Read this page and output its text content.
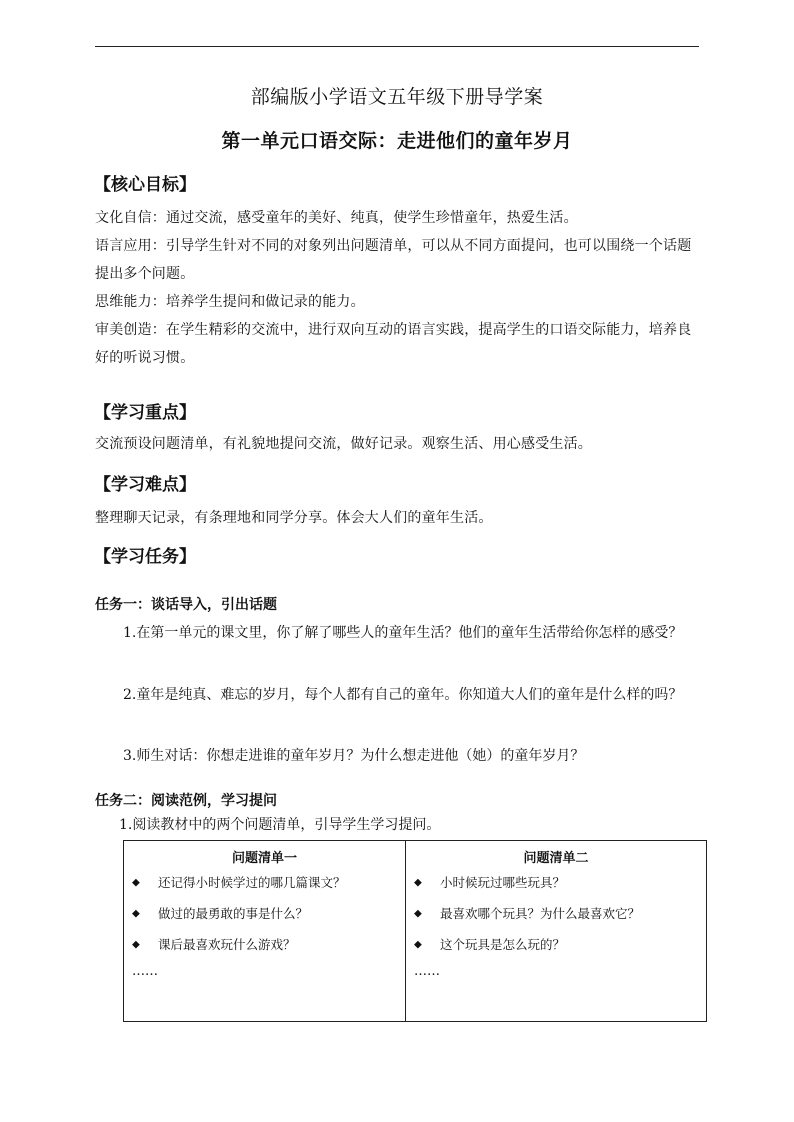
部编版小学语文五年级下册导学案
第一单元口语交际：走进他们的童年岁月
【核心目标】

文化自信：通过交流，感受童年的美好、纯真，使学生珍惜童年，热爱生活。

语言应用：引导学生针对不同的对象列出问题清单，可以从不同方面提问，也可以围绕一个话题提出多个问题。

思维能力：培养学生提问和做记录的能力。

审美创造：在学生精彩的交流中，进行双向互动的语言实践，提高学生的口语交际能力，培养良好的听说习惯。

【学习重点】

交流预设问题清单，有礼貌地提问交流，做好记录。观察生活、用心感受生活。

【学习难点】

整理聊天记录，有条理地和同学分享。体会大人们的童年生活。

【学习任务】
任务一：谈话导入，引出话题

1.在第一单元的课文里，你了解了哪些人的童年生活？他们的童年生活带给你怎样的感受？

2.童年是纯真、难忘的岁月，每个人都有自己的童年。你知道大人们的童年是什么样的吗？

3.师生对话：你想走进谁的童年岁月？为什么想走进他（她）的童年岁月？

任务二：阅读范例，学习提问

1.阅读教材中的两个问题清单，引导学生学习提问。

问题清单一
◆ 还记得小时候学过的哪几篇课文？
◆ 做过的最勇敢的事是什么？
◆ 课后最喜欢玩什么游戏？
……
问题清单二
◆ 小时候玩过哪些玩具？
◆ 最喜欢哪个玩具？为什么最喜欢它？
◆ 这个玩具是怎么玩的？
……
